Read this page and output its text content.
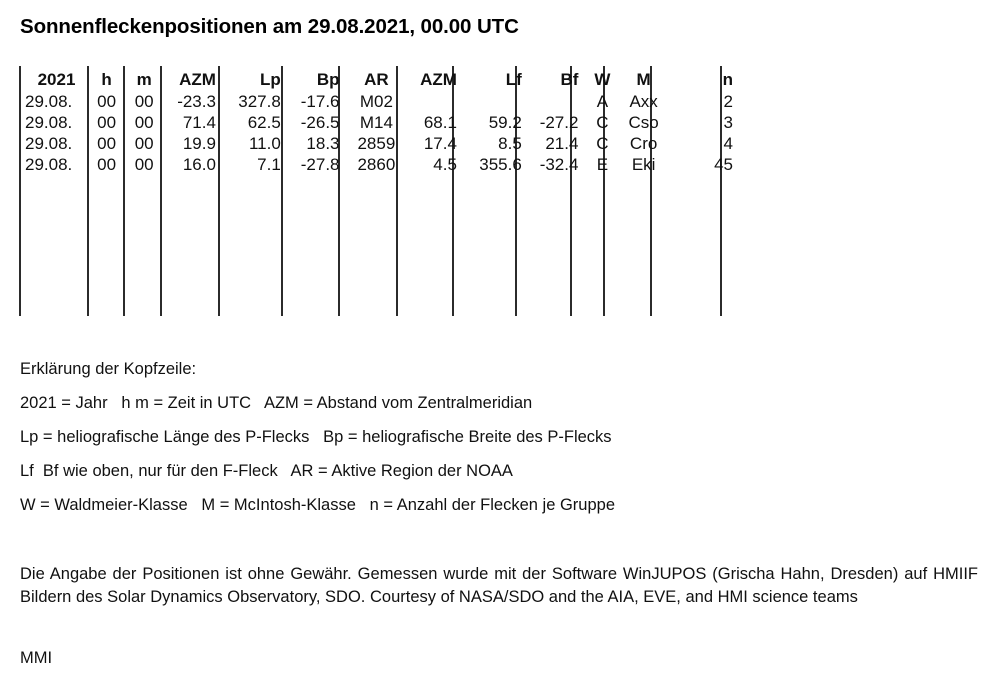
Sonnenfleckenpositionen am 29.08.2021, 00.00 UTC
2021	h	m	AZM	Lp	Bp	AR	AZM	Lf	Bf	W	M	n
29.08.	00	00	-23.3	327.8	-17.6	M02				A	Axx	2
29.08.	00	00	71.4	62.5	-26.5	M14	68.1	59.2	-27.2	C	Cso	3
29.08.	00	00	19.9	11.0	18.3	2859	17.4	8.5	21.4	C	Cro	4
29.08.	00	00	16.0	7.1	-27.8	2860	4.5	355.6	-32.4	E	Eki	45
Erklärung der Kopfzeile:
2021 = Jahr   h m = Zeit in UTC   AZM = Abstand vom Zentralmeridian
Lp = heliografische Länge des P-Flecks   Bp = heliografische Breite des P-Flecks
Lf  Bf wie oben, nur für den F-Fleck   AR = Aktive Region der NOAA
W = Waldmeier-Klasse   M = McIntosh-Klasse   n = Anzahl der Flecken je Gruppe
Die Angabe der Positionen ist ohne Gewähr. Gemessen wurde mit der Software WinJUPOS (Grischa Hahn, Dresden) auf HMIIF Bildern des Solar Dynamics Observatory, SDO. Courtesy of NASA/SDO and the AIA, EVE, and HMI science teams
MMI
